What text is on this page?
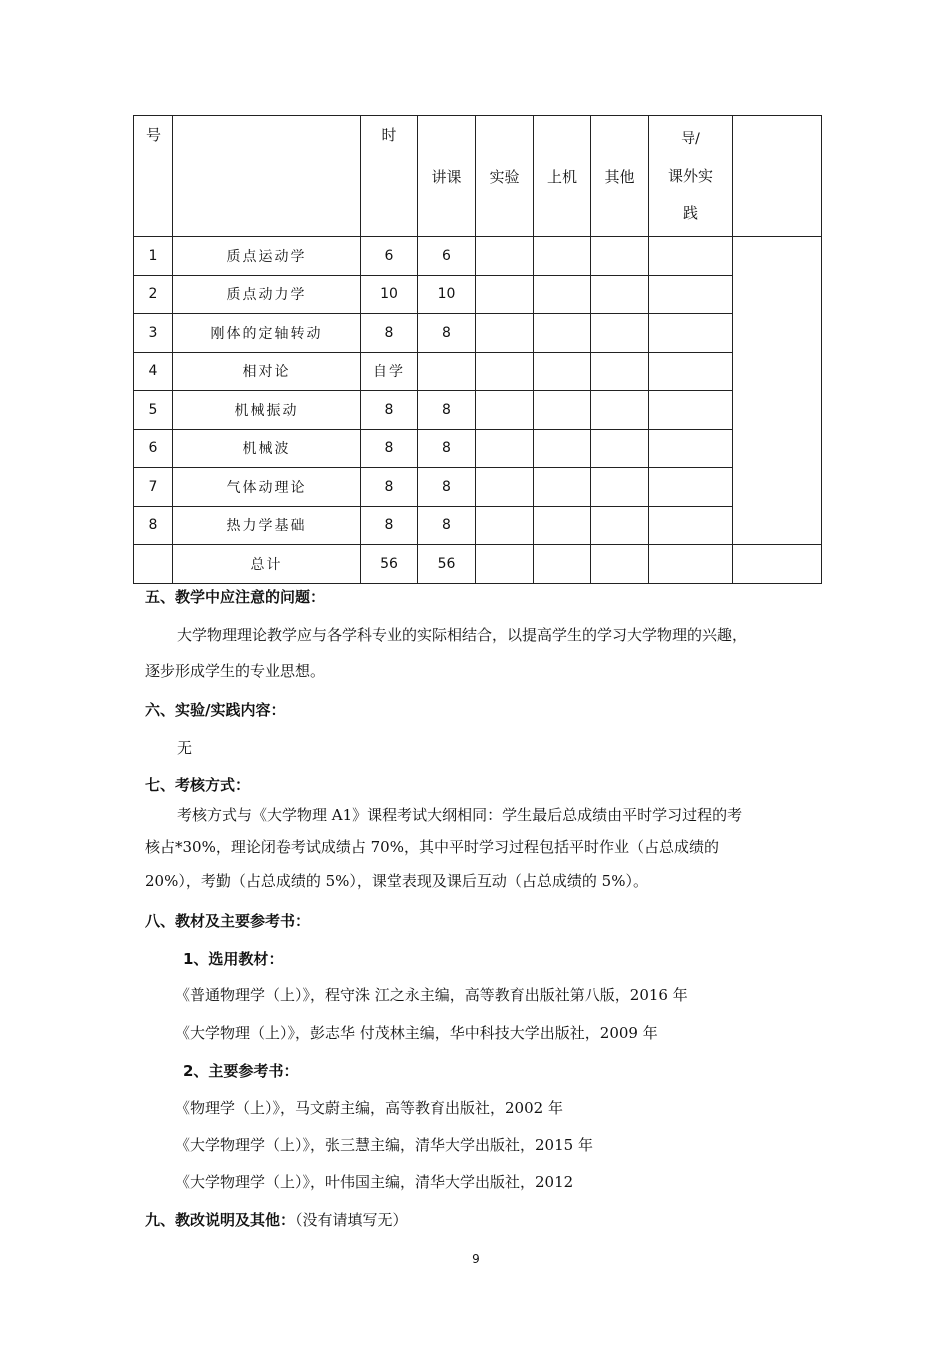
号		时	讲课	实验	上机	其他	导/
课外实
践	

1	质点运动学	6	6					
2	质点动力学	10	10					
3	刚体的定轴转动	8	8					
4	相对论	自学						
5	机械振动	8	8					
6	机械波	8	8					
7	气体动理论	8	8					
8	热力学基础	8	8					
	总计	56	56					

五、教学中应注意的问题：

大学物理理论教学应与各学科专业的实际相结合，以提高学生的学习大学物理的兴趣，

逐步形成学生的专业思想。

六、实验/实践内容：

无

七、考核方式：

考核方式与《大学物理 A1》课程考试大纲相同：学生最后总成绩由平时学习过程的考

核占*30%，理论闭卷考试成绩占 70%，其中平时学习过程包括平时作业（占总成绩的

20%），考勤（占总成绩的 5%），课堂表现及课后互动（占总成绩的 5%）。

八、教材及主要参考书：

1、选用教材：

《普通物理学（上）》，程守洙 江之永主编，高等教育出版社第八版，2016 年

《大学物理（上）》，彭志华 付茂林主编，华中科技大学出版社，2009 年

2、主要参考书：

《物理学（上）》，马文蔚主编，高等教育出版社，2002 年

《大学物理学（上）》，张三慧主编，清华大学出版社，2015 年

《大学物理学（上）》，叶伟国主编，清华大学出版社，2012

九、教改说明及其他：（没有请填写无）

9
